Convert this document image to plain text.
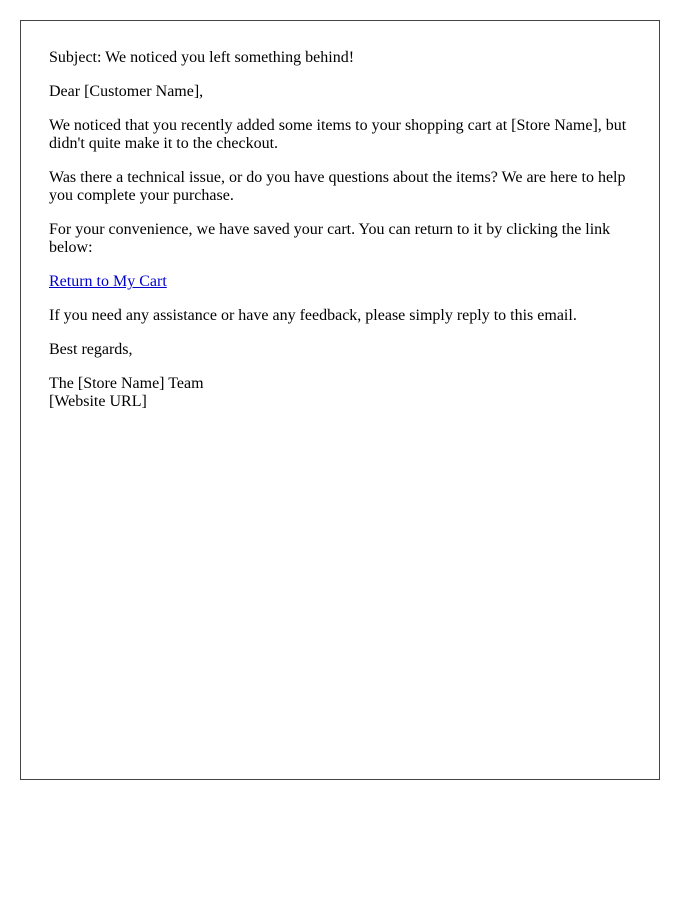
Subject: We noticed you left something behind!

Dear [Customer Name],

We noticed that you recently added some items to your shopping cart at [Store Name], but didn't quite make it to the checkout.

Was there a technical issue, or do you have questions about the items? We are here to help you complete your purchase.

For your convenience, we have saved your cart. You can return to it by clicking the link below:

Return to My Cart

If you need any assistance or have any feedback, please simply reply to this email.

Best regards,

The [Store Name] Team
[Website URL]
